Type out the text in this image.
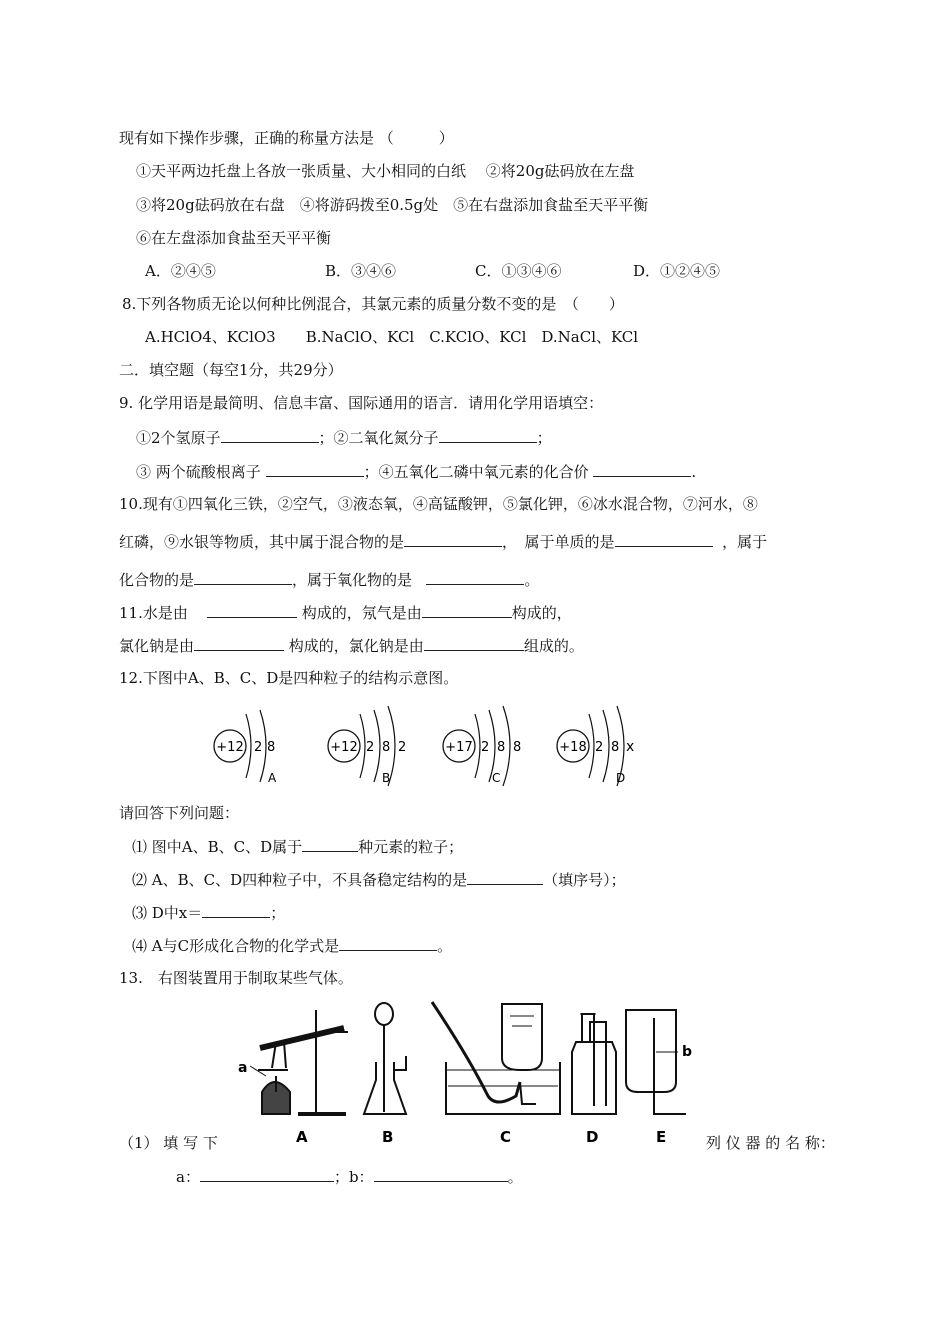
现有如下操作步骤，正确的称量方法是 （　　　）
①天平两边托盘上各放一张质量、大小相同的白纸　 ②将20g砝码放在左盘
③将20g砝码放在右盘　④将游码拨至0.5g处　⑤在右盘添加食盐至天平平衡
⑥在左盘添加食盐至天平平衡
A．②④⑤	B．③④⑥	C．①③④⑥	D．①②④⑤
8.下列各物质无论以何种比例混合，其氯元素的质量分数不变的是　（　　）
A.HClO4、KClO3　　B.NaClO、KCl　C.KClO、KCl　D.NaCl、KCl
二．填空题（每空1分，共29分）
9. 化学用语是最简明、信息丰富、国际通用的语言．请用化学用语填空：
①2个氢原子	；②二氧化氮分子	；
③ 两个硫酸根离子	；④五氧化二磷中氧元素的化合价	.
10.现有①四氧化三铁，②空气，③液态氧，④高锰酸钾，⑤氯化钾，⑥冰水混合物，⑦河水，⑧
红磷，⑨水银等物质，其中属于混合物的是	，　属于单质的是	，属于
化合物的是	，属于氧化物的是	。
11.水是由	构成的，氖气是由	构成的，
氯化钠是由	构成的，氯化钠是由	组成的。
12.下图中A、B、C、D是四种粒子的结构示意图。
+12 2 8
A
+12 2 8 2
B
+17 2 8 8
C
+18 2 8 x
D
请回答下列问题：
⑴ 图中A、B、C、D属于	种元素的粒子；
⑵ A、B、C、D四种粒子中，不具备稳定结构的是	（填序号）；
⑶ D中x＝	；
⑷ A与C形成化合物的化学式是	。
13.　右图装置用于制取某些气体。
a
b
A	B	C	D	E
（1） 填 写 下	列 仪 器 的 名 称：
a：	；b：	。
